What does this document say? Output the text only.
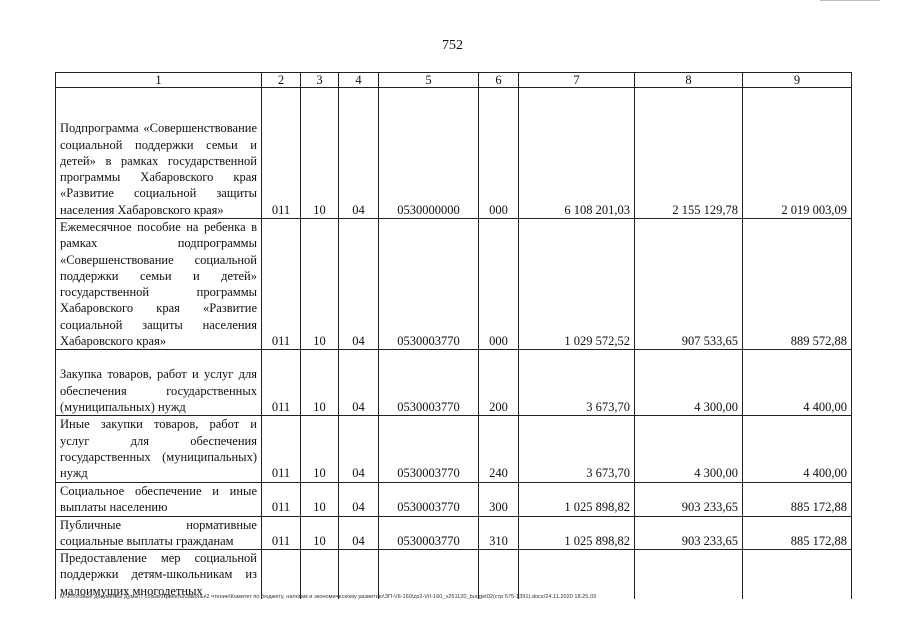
752
1	2	3	4	5	6	7	8	9
Подпрограмма «Совершенствование социальной поддержки семьи и детей» в рамках государственной программы Хабаровского края «Развитие социальной защиты населения Хабаровского края»	011	10	04	0530000000	000	6 108 201,03	2 155 129,78	2 019 003,09
Ежемесячное пособие на ребенка в рамках подпрограммы «Совершенствование социальной поддержки семьи и детей» государственной программы Хабаровского края «Развитие социальной защиты населения Хабаровского края»	011	10	04	0530003770	000	1 029 572,52	907 533,65	889 572,88
Закупка товаров, работ и услуг для обеспечения государственных (муниципальных) нужд	011	10	04	0530003770	200	3 673,70	4 300,00	4 400,00
Иные закупки товаров, работ и услуг для обеспечения государственных (муниципальных) нужд	011	10	04	0530003770	240	3 673,70	4 300,00	4 400,00
Социальное обеспечение и иные выплаты населению	011	10	04	0530003770	300	1 025 898,82	903 233,65	885 172,88
Публичные нормативные социальные выплаты гражданам	011	10	04	0530003770	310	1 025 898,82	903 233,65	885 172,88
Предоставление мер социальной поддержки детям-школьникам из малоимущих многодетных								
M:\Итоговые документы Думы\7 созыв\Проекты\Законы\2 чтение\Комитет по бюджету, налогам и экономическому развитию\ЗП-VII-160\zp2-VII-160_v251120_budget02(стр 575-1391).docx/24.11.2020 18.25.03
